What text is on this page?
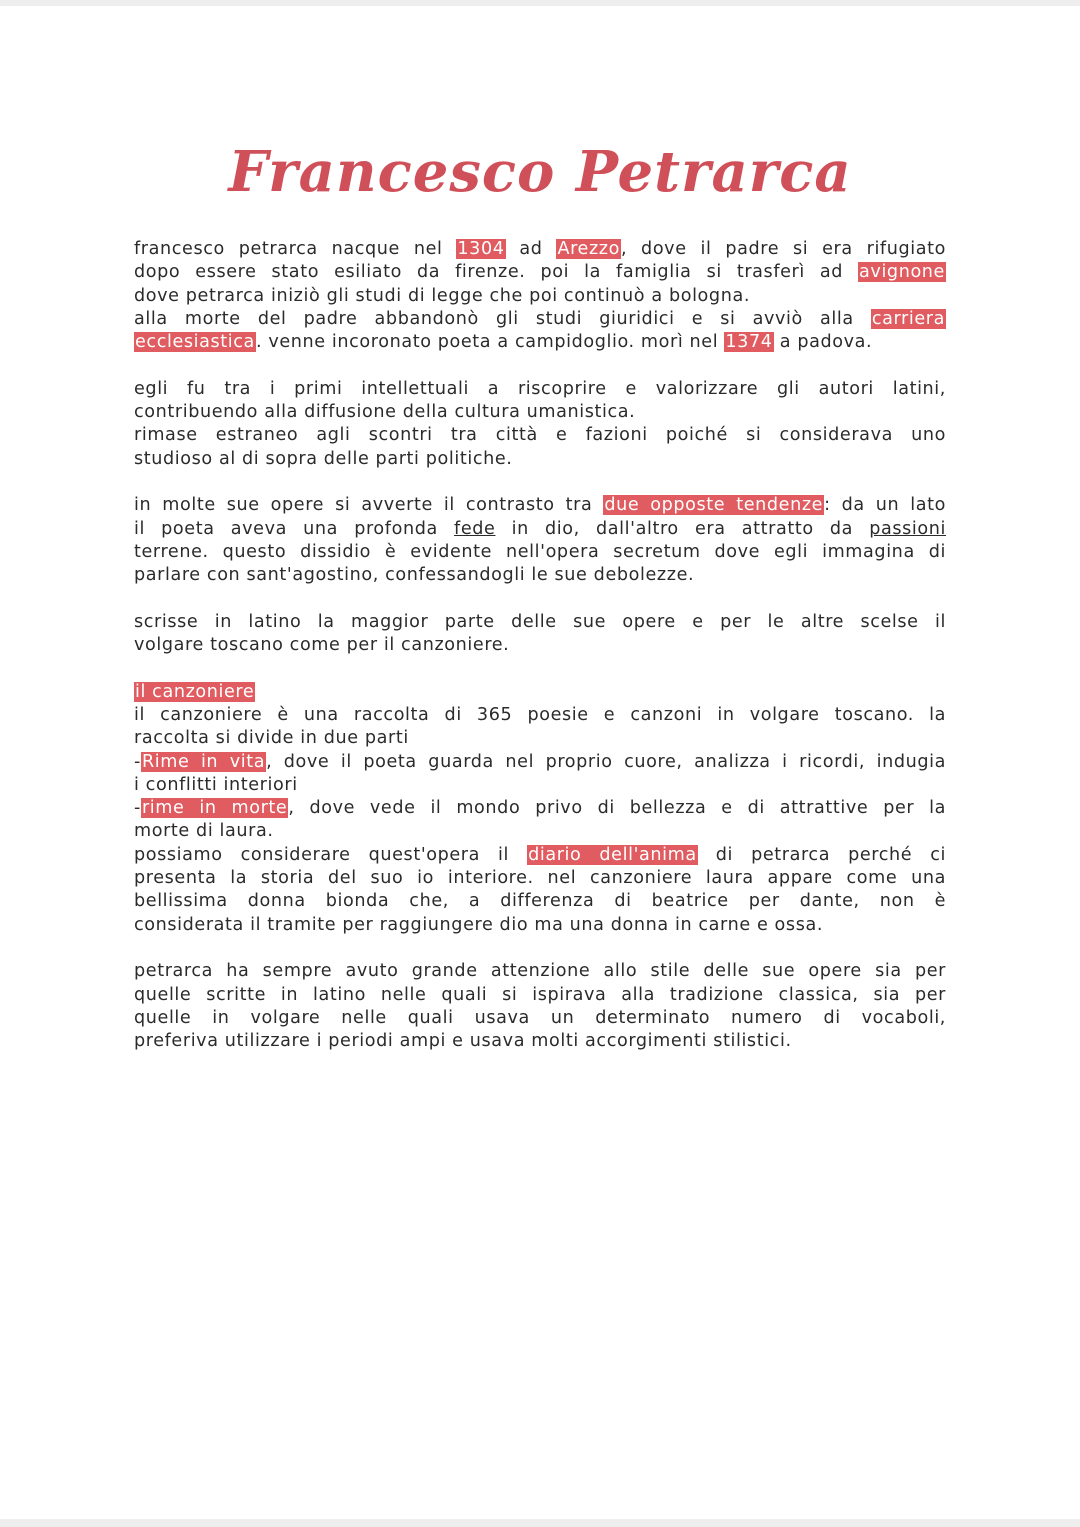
Francesco Petrarca
francesco petrarca nacque nel 1304 ad Arezzo, dove il padre si era rifugiato
dopo essere stato esiliato da firenze. poi la famiglia si trasferì ad avignone
dove petrarca iniziò gli studi di legge che poi continuò a bologna.
alla morte del padre abbandonò gli studi giuridici e si avviò alla carriera
ecclesiastica. venne incoronato poeta a campidoglio. morì nel 1374 a padova.
egli fu tra i primi intellettuali a riscoprire e valorizzare gli autori latini,
contribuendo alla diffusione della cultura umanistica.
rimase estraneo agli scontri tra città e fazioni poiché si considerava uno
studioso al di sopra delle parti politiche.
in molte sue opere si avverte il contrasto tra due opposte tendenze: da un lato
il poeta aveva una profonda fede in dio, dall'altro era attratto da passioni
terrene. questo dissidio è evidente nell'opera secretum dove egli immagina di
parlare con sant'agostino, confessandogli le sue debolezze.
scrisse in latino la maggior parte delle sue opere e per le altre scelse il
volgare toscano come per il canzoniere.
il canzoniere
il canzoniere è una raccolta di 365 poesie e canzoni in volgare toscano. la
raccolta si divide in due parti
-Rime in vita, dove il poeta guarda nel proprio cuore, analizza i ricordi, indugia
i conflitti interiori
-rime in morte, dove vede il mondo privo di bellezza e di attrattive per la
morte di laura.
possiamo considerare quest'opera il diario dell'anima di petrarca perché ci
presenta la storia del suo io interiore. nel canzoniere laura appare come una
bellissima donna bionda che, a differenza di beatrice per dante, non è
considerata il tramite per raggiungere dio ma una donna in carne e ossa.
petrarca ha sempre avuto grande attenzione allo stile delle sue opere sia per
quelle scritte in latino nelle quali si ispirava alla tradizione classica, sia per
quelle in volgare nelle quali usava un determinato numero di vocaboli,
preferiva utilizzare i periodi ampi e usava molti accorgimenti stilistici.
